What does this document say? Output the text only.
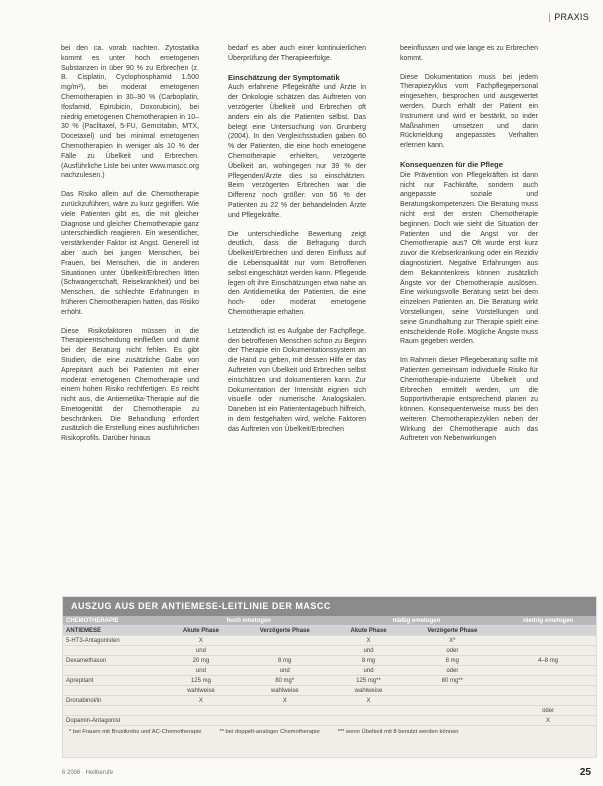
| PRAXIS

bei den ca. vorab nachten. Zytostatika kommt es unter hoch emetogenen Substanzen in über 90 % zu Erbrechen (z. B. Cisplatin, Cyclophosphamid 1.500 mg/m²), bei moderat emetogenen Chemotherapien in 30–90 % (Carboplatin, Ifosfamid, Epirubicin, Doxorubicin), bei niedrig emetogenen Chemotherapien in 10–30 % (Paclitaxel, 5-FU, Gemcitabin, MTX, Docetaxel) und bei minimal emetogenen Chemotherapien in weniger als 10 % der Fälle zu Übelkeit und Erbrechen. (Ausführliche Liste bei unter www.mascc.org nachzulesen.)

Das Risiko allein auf die Chemotherapie zurückzuführen, wäre zu kurz gegriffen. Wie viele Patienten gibt es, die mit gleicher Diagnose und gleicher Chemotherapie ganz unterschiedlich reagieren. Ein wesentlicher, verstärkender Faktor ist Angst. Generell ist aber auch bei jungen Menschen, bei Frauen, bei Menschen, die in anderen Situationen unter Übelkeit/Erbrechen litten (Schwangerschaft, Reisekrankheit) und bei Menschen, die schlechte Erfahrungen in früheren Chemotherapien hatten, das Risiko erhöht.

Diese Risikofaktoren müssen in die Therapieentscheidung einfließen und damit bei der Beratung nicht fehlen. Es gibt Studien, die eine zusätzliche Gabe von Aprepitant auch bei Patienten mit einer moderat emetogenen Chemotherapie und einem hohen Risiko rechtfertigen. Es reicht nicht aus, die Antiemetika-Therapie auf die Emetogenität der Chemotherapie zu beschränken. Die Behandlung erfordert zusätzlich die Erstellung eines ausführlichen Risikoprofils. Darüber hinaus

bedarf es aber auch einer kontinuierlichen Überprüfung der Therapieerfolge.

Einschätzung der Symptomatik

Auch erfahrene Pflegekräfte und Ärzte in der Onkologie schätzen das Auftreten von verzögerter Übelkeit und Erbrechen oft anders ein als die Patienten selbst. Das belegt eine Untersuchung von Grunberg (2004). In den Vergleichsstudien gaben 60 % der Patienten, die eine hoch emetogene Chemotherapie erhielten, verzögerte Übelkeit an, wohingegen nur 39 % der Pflegenden/Ärzte dies so einschätzten. Beim verzögerten Erbrechen war die Differenz noch größer: von 56 % der Patienten zu 22 % der behandelnden Ärzte und Pflegekräfte.

Die unterschiedliche Bewertung zeigt deutlich, dass die Befragung durch Übelkeit/Erbrechen und deren Einfluss auf die Lebensqualität nur vom Betroffenen selbst eingeschätzt werden kann. Pflegende legen oft ihre Einschätzungen etwa nahe an den Antidiemetika der Patienten, die eine hoch- oder moderat emetogene Chemotherapie erhalten.

Letztendlich ist es Aufgabe der Fachpflege, den betroffenen Menschen schon zu Beginn der Therapie ein Dokumentationssystem an die Hand zu geben, mit dessen Hilfe er das Auftreten von Übelkeit und Erbrechen selbst einschätzen und dokumentieren kann. Zur Dokumentation der Intensität eignen sich visuelle oder numerische Analogskalen. Daneben ist ein Patiententagebuch hilfreich, in dem festgehalten wird, welche Faktoren das Auftreten von Übelkeit/Erbrechen

beeinflussen und wie lange es zu Erbrechen kommt.

Diese Dokumentation muss bei jedem Therapiezyklus vom Fachpflegepersonal eingesehen, besprochen und ausgewertet werden. Durch erhält der Patient ein Instrument und wird er bestärkt, so inder Maßnahmen umsetzen und darin Rückmeldung angepasstes Verhalten erlernen kann.

Konsequenzen für die Pflege

Die Prävention von Pflegekräften ist dann nicht nur Fachkräfte, sondern auch angepasste soziale und Beratungskompetenzen. Die Beratung muss nicht erst der ersten Chemotherapie beginnen. Doch wie sieht die Situation der Patienten und die Angst vor der Chemotherapie aus? Oft wurde erst kurz zuvor die Krebserkrankung oder ein Rezidiv diagnostiziert. Negative Erfahrungen aus dem Bekanntenkreis können zusätzlich Ängste vor der Chemotherapie auslösen. Eine wirkungsvolle Beratung setzt bei dem einzelnen Patienten an. Die Beratung wirkt Vorstellungen, seine Vorstellungen und seine Grundhaltung zur Therapie spielt eine entscheidende Rolle. Mögliche Ängste muss Raum gegeben werden.

Im Rahmen dieser Pflegeberatung sollte mit Patienten gemeinsam individuelle Risiko für Chemotherapie-induzierte Übelkeit und Erbrechen ermittelt werden, um die Supportivtherapie entsprechend planen zu können. Konsequenterweise muss bei den weiteren Chemotherapiezyklen neben der Wirkung der Chemotherapie auch das Auftreten von Nebenwirkungen

AUSZUG AUS DER ANTIEMESE-LEITLINIE DER MASCC
CHEMOTHERAPIE	hoch emetogen		mäßig emetogen		niedrig emetogen
ANTIEMESE	Akute Phase	Verzögerte Phase	Akute Phase	Verzögerte Phase	
5-HT3-Antagonisten	X		X	X*	
	und		und	oder	
Dexamethason	20 mg	8 mg	8 mg	8 mg	4–8 mg
	und	und	und	oder	
Aprepitant	125 mg	80 mg*	125 mg**	80 mg**	
	wahlweise	wahlweise	wahlweise		
Dronabinol/in	X	X	X		
					oder
Dopamin-Antagonist					X
* bei Frauen mit Brustkrebs und AC-Chemotherapie	** bei doppelt-analoger Chemotherapie	*** wenn Übelkeit mit 8 benutzt werden können
6 2006 · Heilberufe	25
